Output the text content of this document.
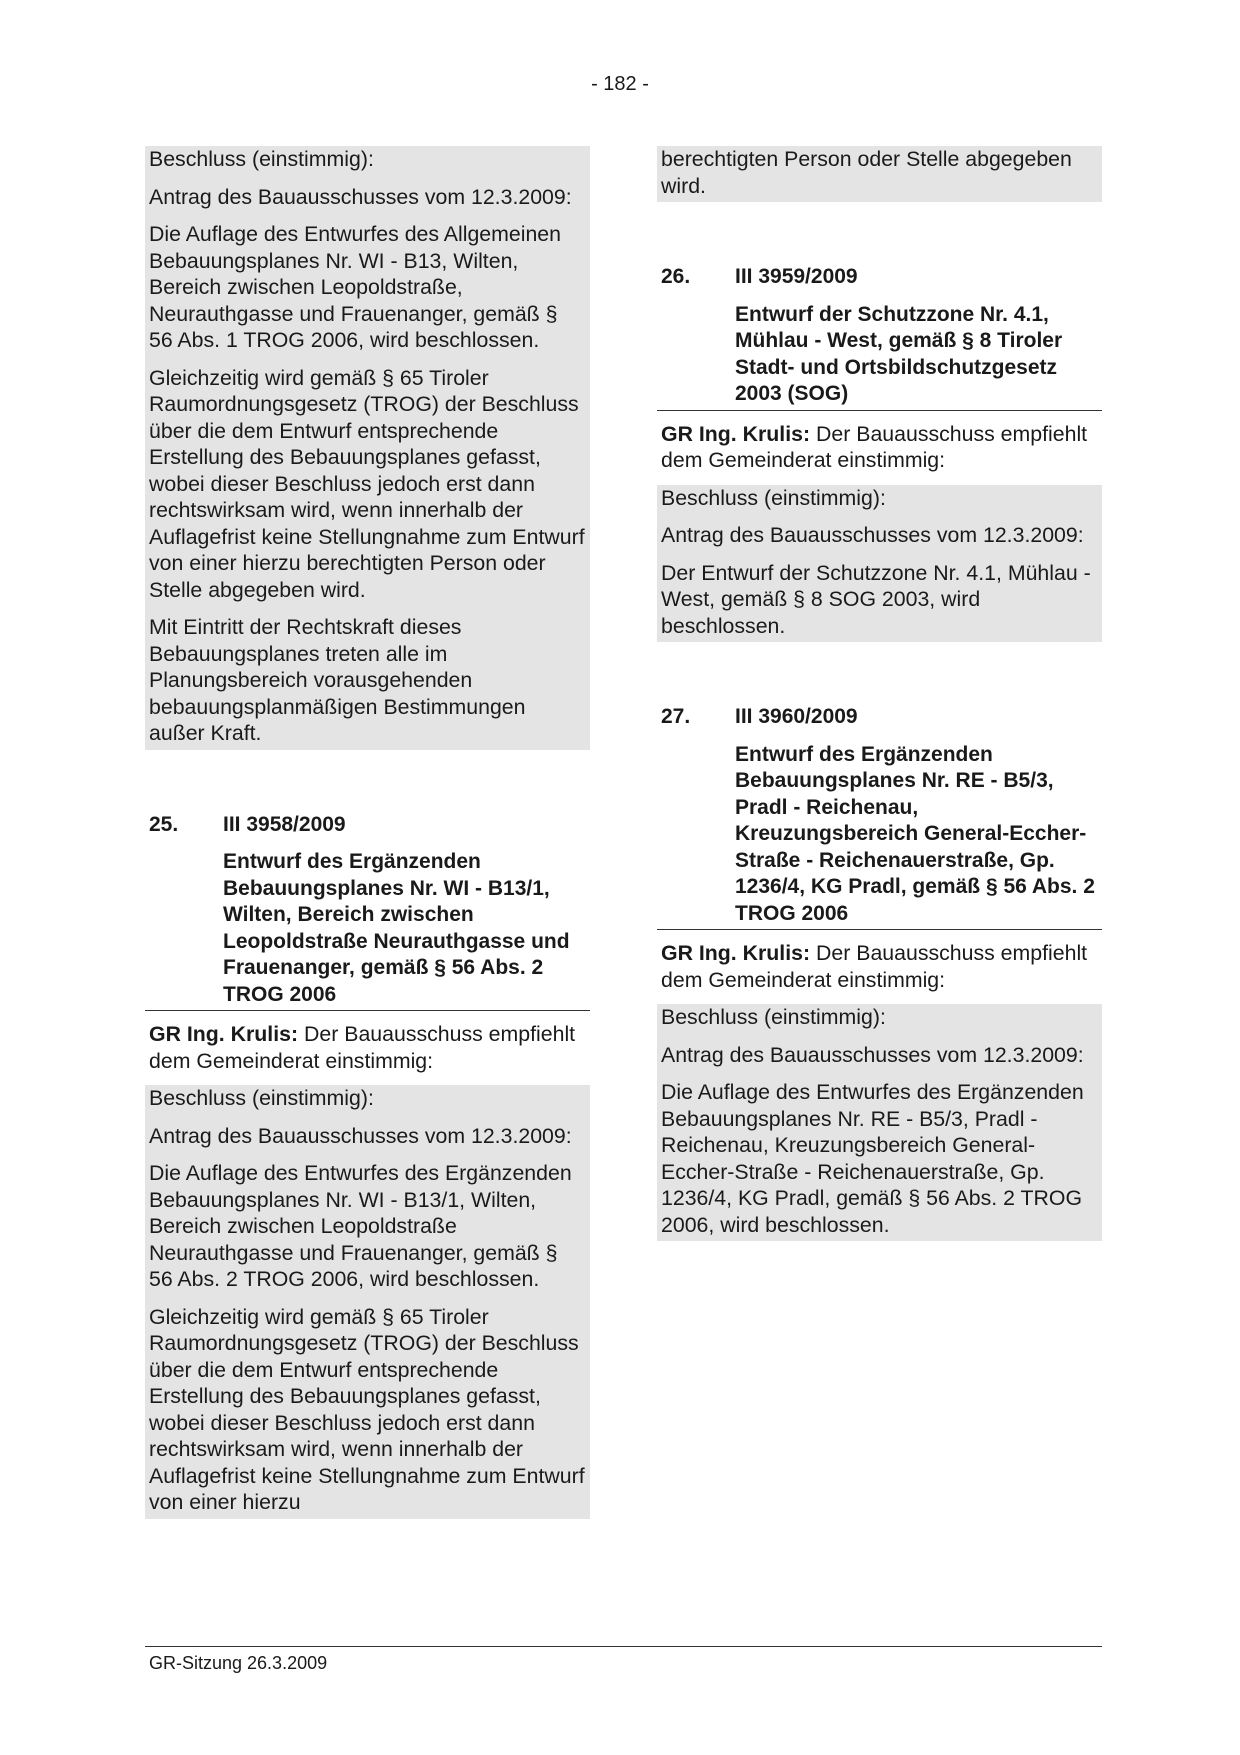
- 182 -
Beschluss (einstimmig):
Antrag des Bauausschusses vom 12.3.2009:
Die Auflage des Entwurfes des Allgemeinen Bebauungsplanes Nr. WI - B13, Wilten, Bereich zwischen Leopoldstraße, Neurauthgasse und Frauenanger, gemäß § 56 Abs. 1 TROG 2006, wird beschlossen.
Gleichzeitig wird gemäß § 65 Tiroler Raumordnungsgesetz (TROG) der Beschluss über die dem Entwurf entsprechende Erstellung des Bebauungsplanes gefasst, wobei dieser Beschluss jedoch erst dann rechtswirksam wird, wenn innerhalb der Auflagefrist keine Stellungnahme zum Entwurf von einer hierzu berechtigten Person oder Stelle abgegeben wird.
Mit Eintritt der Rechtskraft dieses Bebauungsplanes treten alle im Planungsbereich vorausgehenden bebauungsplanmäßigen Bestimmungen außer Kraft.
25.	III 3958/2009
Entwurf des Ergänzenden Bebauungsplanes Nr. WI - B13/1, Wilten, Bereich zwischen Leopoldstraße Neurauthgasse und Frauenanger, gemäß § 56 Abs. 2 TROG 2006
GR Ing. Krulis: Der Bauausschuss empfiehlt dem Gemeinderat einstimmig:
Beschluss (einstimmig):
Antrag des Bauausschusses vom 12.3.2009:
Die Auflage des Entwurfes des Ergänzenden Bebauungsplanes Nr. WI - B13/1, Wilten, Bereich zwischen Leopoldstraße Neurauthgasse und Frauenanger, gemäß § 56 Abs. 2 TROG 2006, wird beschlossen.
Gleichzeitig wird gemäß § 65 Tiroler Raumordnungsgesetz (TROG) der Beschluss über die dem Entwurf entsprechende Erstellung des Bebauungsplanes gefasst, wobei dieser Beschluss jedoch erst dann rechtswirksam wird, wenn innerhalb der Auflagefrist keine Stellungnahme zum Entwurf von einer hierzu
berechtigten Person oder Stelle abgegeben wird.
26.	III 3959/2009
Entwurf der Schutzzone Nr. 4.1, Mühlau - West, gemäß § 8 Tiroler Stadt- und Ortsbildschutzgesetz 2003 (SOG)
GR Ing. Krulis: Der Bauausschuss empfiehlt dem Gemeinderat einstimmig:
Beschluss (einstimmig):
Antrag des Bauausschusses vom 12.3.2009:
Der Entwurf der Schutzzone Nr. 4.1, Mühlau - West, gemäß § 8 SOG 2003, wird beschlossen.
27.	III 3960/2009
Entwurf des Ergänzenden Bebauungsplanes Nr. RE - B5/3, Pradl - Reichenau, Kreuzungsbereich General-Eccher-Straße - Reichenauerstraße, Gp. 1236/4, KG Pradl, gemäß § 56 Abs. 2 TROG 2006
GR Ing. Krulis: Der Bauausschuss empfiehlt dem Gemeinderat einstimmig:
Beschluss (einstimmig):
Antrag des Bauausschusses vom 12.3.2009:
Die Auflage des Entwurfes des Ergänzenden Bebauungsplanes Nr. RE - B5/3, Pradl - Reichenau, Kreuzungsbereich General-Eccher-Straße - Reichenauerstraße, Gp. 1236/4, KG Pradl, gemäß § 56 Abs. 2 TROG 2006, wird beschlossen.
GR-Sitzung 26.3.2009
